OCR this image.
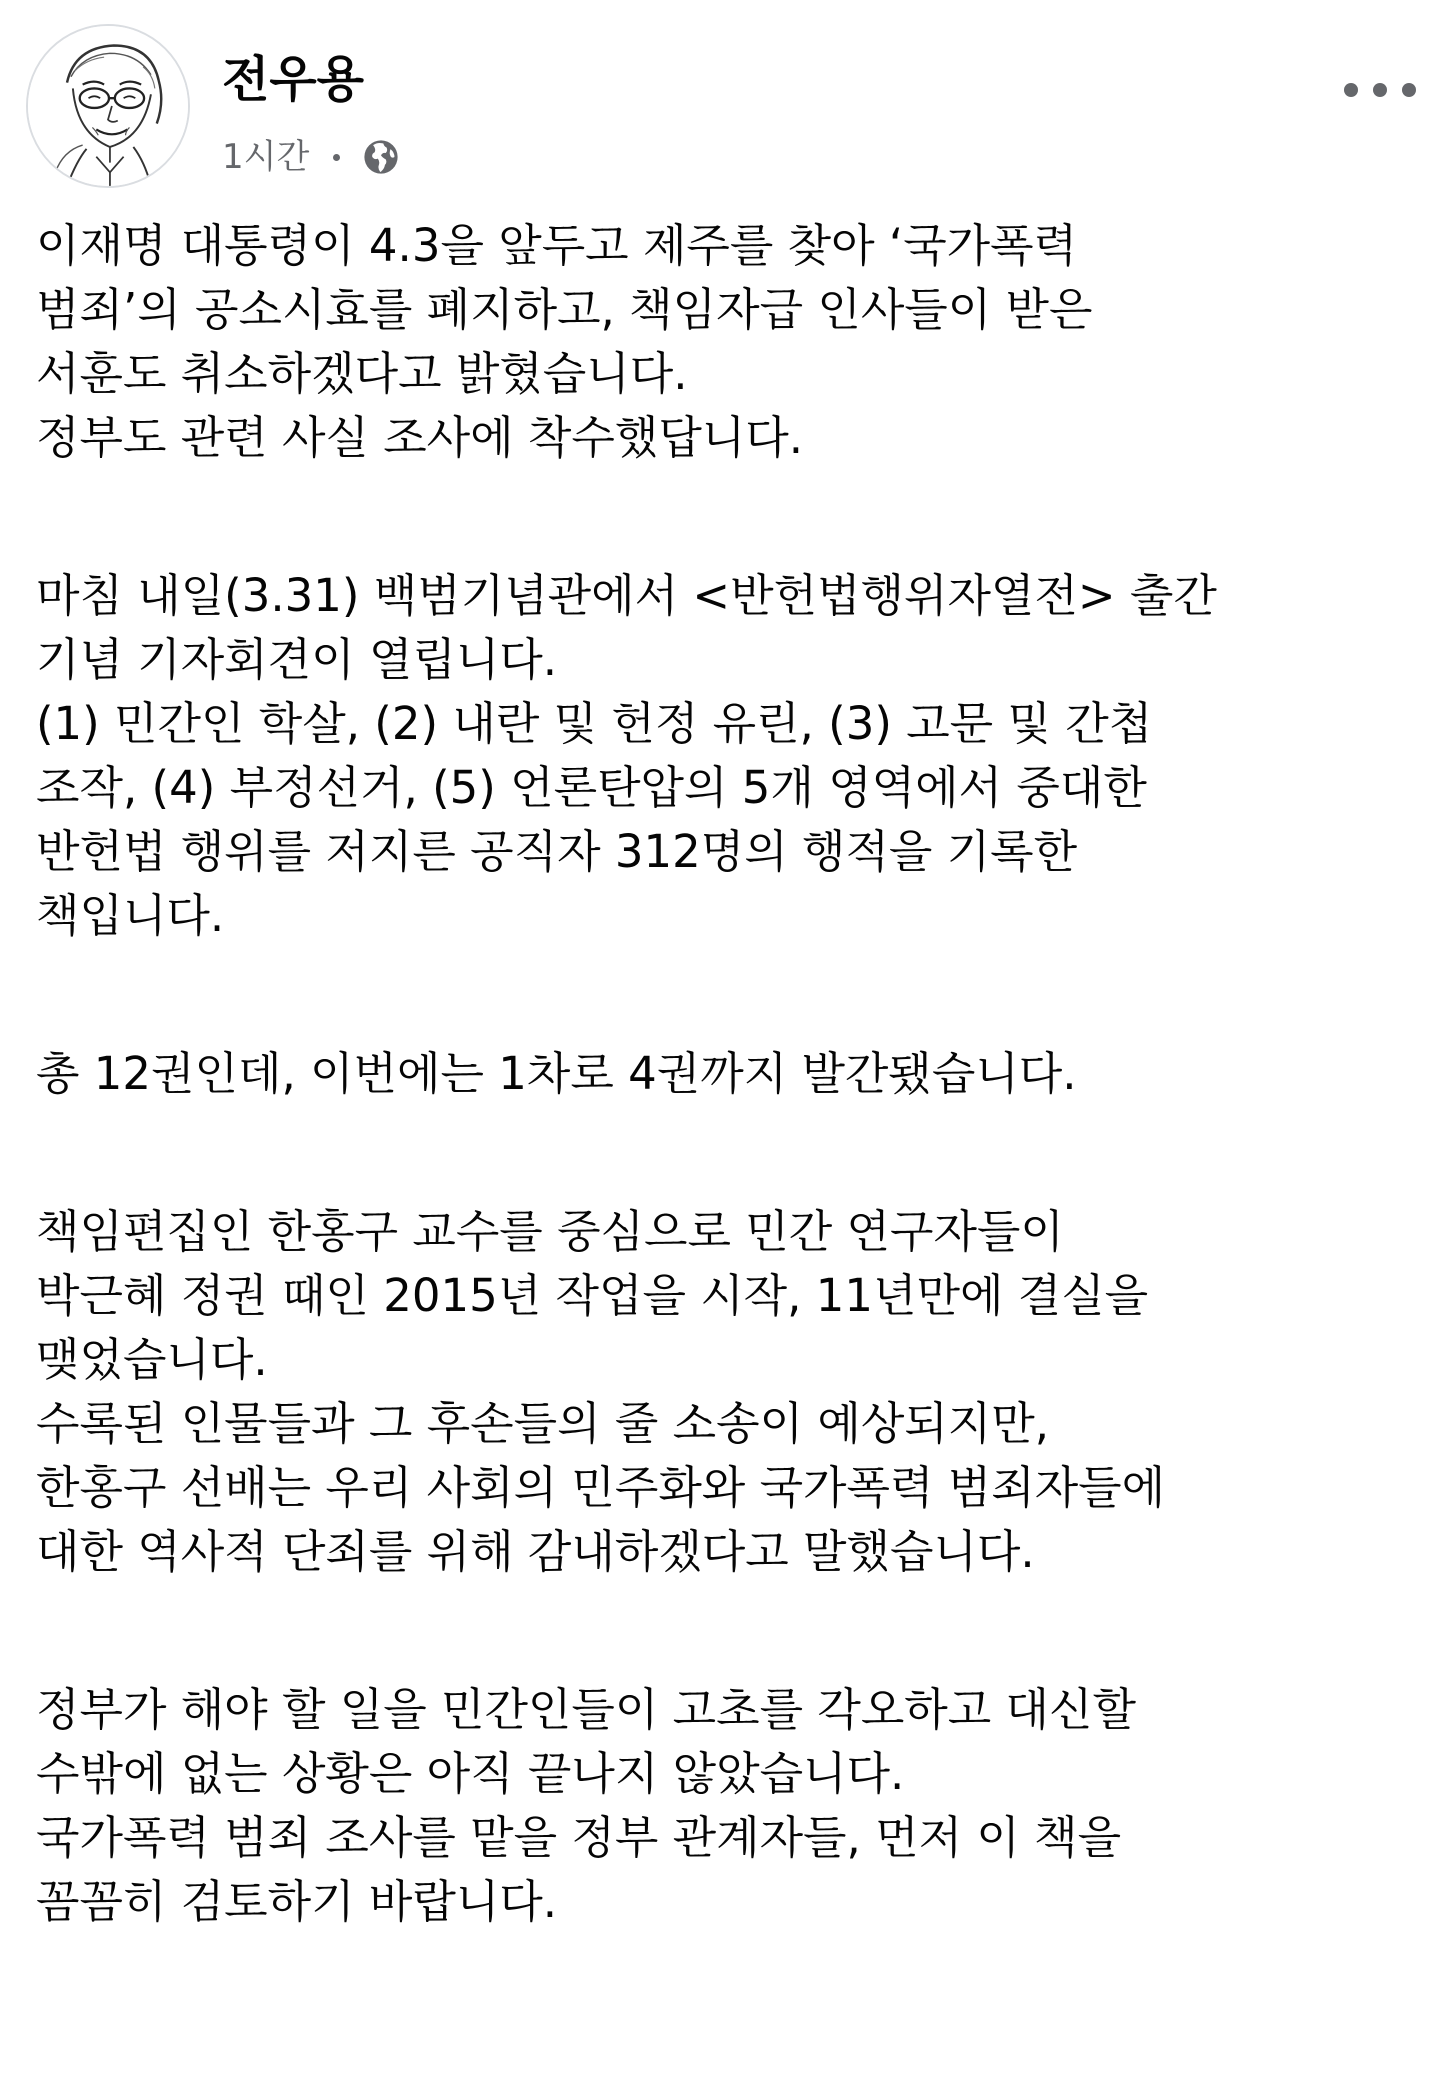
전우용
1시간
이재명 대통령이 4.3을 앞두고 제주를 찾아 ‘국가폭력
범죄’의 공소시효를 폐지하고, 책임자급 인사들이 받은
서훈도 취소하겠다고 밝혔습니다.
정부도 관련 사실 조사에 착수했답니다.
마침 내일(3.31) 백범기념관에서 <반헌법행위자열전> 출간
기념 기자회견이 열립니다.
(1) 민간인 학살, (2) 내란 및 헌정 유린, (3) 고문 및 간첩
조작, (4) 부정선거, (5) 언론탄압의 5개 영역에서 중대한
반헌법 행위를 저지른 공직자 312명의 행적을 기록한
책입니다.
총 12권인데, 이번에는 1차로 4권까지 발간됐습니다.
책임편집인 한홍구 교수를 중심으로 민간 연구자들이
박근혜 정권 때인 2015년 작업을 시작, 11년만에 결실을
맺었습니다.
수록된 인물들과 그 후손들의 줄 소송이 예상되지만,
한홍구 선배는 우리 사회의 민주화와 국가폭력 범죄자들에
대한 역사적 단죄를 위해 감내하겠다고 말했습니다.
정부가 해야 할 일을 민간인들이 고초를 각오하고 대신할
수밖에 없는 상황은 아직 끝나지 않았습니다.
국가폭력 범죄 조사를 맡을 정부 관계자들, 먼저 이 책을
꼼꼼히 검토하기 바랍니다.
